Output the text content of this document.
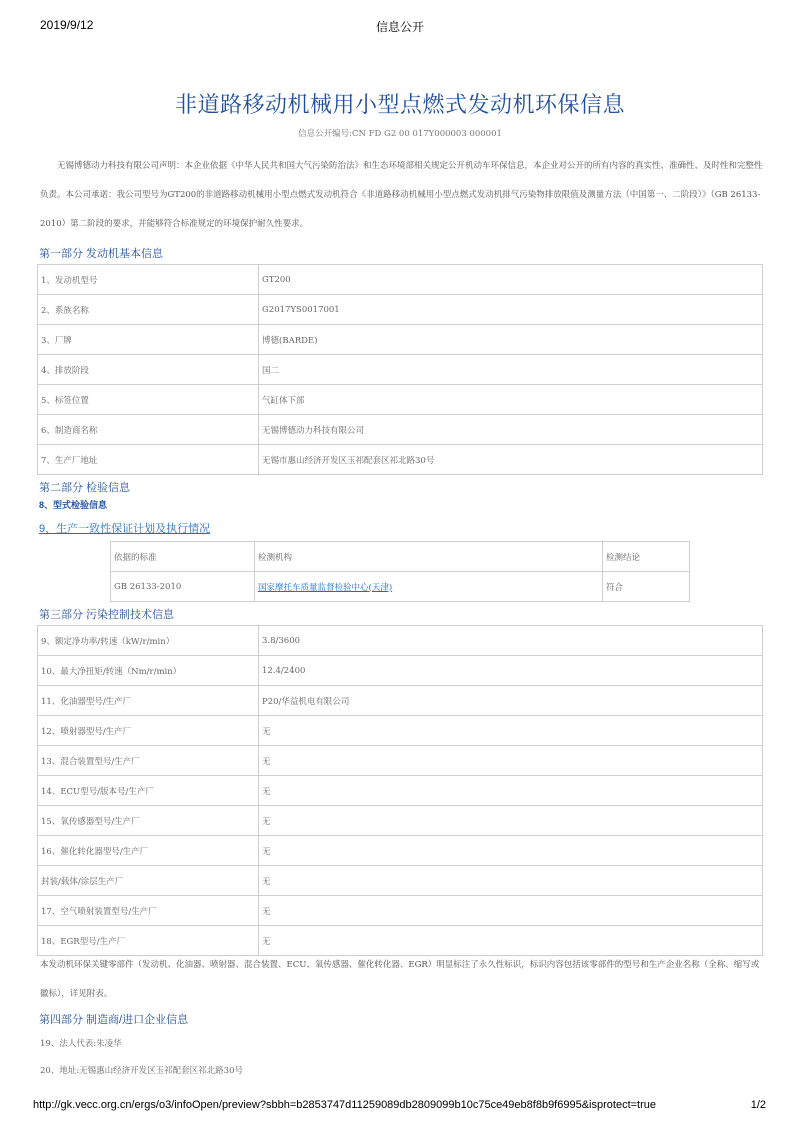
2019/9/12	信息公开
非道路移动机械用小型点燃式发动机环保信息
信息公开编号:CN FD G2 00 017Y000003 000001
无锡博德动力科技有限公司声明：本企业依据《中华人民共和国大气污染防治法》和生态环境部相关规定公开机动车环保信息，本企业对公开的所有内容的真实性、准确性、及时性和完整性负责。本公司承诺：我公司型号为GT200的非道路移动机械用小型点燃式发动机符合《非道路移动机械用小型点燃式发动机排气污染物排放限值及测量方法（中国第一、二阶段）》（GB 26133-2010）第二阶段的要求，并能够符合标准规定的环境保护耐久性要求。
第一部分 发动机基本信息
1、发动机型号	GT200
2、系族名称	G2017YS0017001
3、厂牌	博德(BARDE)
4、排放阶段	国二
5、标签位置	气缸体下部
6、制造商名称	无锡博德动力科技有限公司
7、生产厂地址	无锡市惠山经济开发区玉祁配套区祁北路30号
第二部分 检验信息
8、型式检验信息
9、生产一致性保证计划及执行情况
依据的标准	检测机构	检测结论
GB 26133-2010	国家摩托车质量监督检验中心(天津)	符合
第三部分 污染控制技术信息
9、额定净功率/转速（kW/r/min）	3.8/3600
10、最大净扭矩/转速（Nm/r/min）	12.4/2400
11、化油器型号/生产厂	P20/华益机电有限公司
12、喷射器型号/生产厂	无
13、混合装置型号/生产厂	无
14、ECU型号/版本号/生产厂	无
15、氧传感器型号/生产厂	无
16、催化转化器型号/生产厂	无
封装/载体/涂层生产厂	无
17、空气喷射装置型号/生产厂	无
18、EGR型号/生产厂	无
本发动机环保关键零部件（发动机、化油器、喷射器、混合装置、ECU、氧传感器、催化转化器、EGR）明显标注了永久性标识，标识内容包括该零部件的型号和生产企业名称（全称、缩写或徽标），详见附表。
第四部分 制造商/进口企业信息
19、法人代表:朱凌华
20、地址:无锡惠山经济开发区玉祁配套区祁北路30号
http://gk.vecc.org.cn/ergs/o3/infoOpen/preview?sbbh=b2853747d11259089db2809099b10c75ce49eb8f8b9f6995&isprotect=true	1/2
